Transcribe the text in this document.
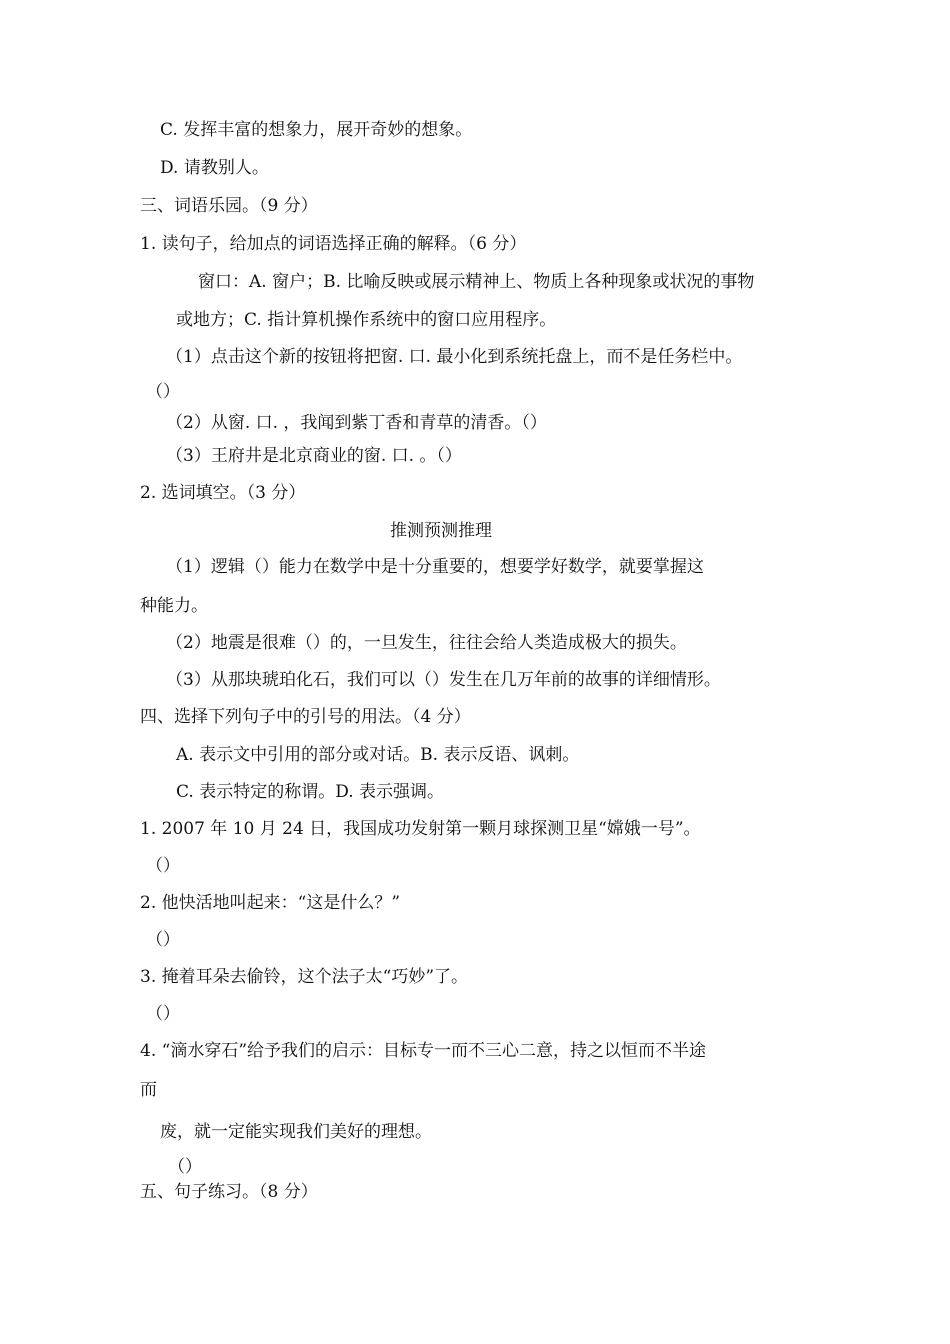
C. 发挥丰富的想象力，展开奇妙的想象。
D. 请教别人。
三、词语乐园。（9 分）
1. 读句子，给加点的词语选择正确的解释。（6 分）
窗口：A. 窗户；B. 比喻反映或展示精神上、物质上各种现象或状况的事物
或地方；C. 指计算机操作系统中的窗口应用程序。
（1）点击这个新的按钮将把窗. 口. 最小化到系统托盘上，而不是任务栏中。
（）
（2）从窗. 口. ，我闻到紫丁香和青草的清香。（）
（3）王府井是北京商业的窗. 口. 。（）
2. 选词填空。（3 分）
推测预测推理
（1）逻辑（）能力在数学中是十分重要的，想要学好数学，就要掌握这
种能力。
（2）地震是很难（）的，一旦发生，往往会给人类造成极大的损失。
（3）从那块琥珀化石，我们可以（）发生在几万年前的故事的详细情形。
四、选择下列句子中的引号的用法。（4 分）
A. 表示文中引用的部分或对话。B. 表示反语、讽刺。
C. 表示特定的称谓。D. 表示强调。
1. 2007 年 10 月 24 日，我国成功发射第一颗月球探测卫星“嫦娥一号”。
（）
2. 他快活地叫起来：“这是什么？”
（）
3. 掩着耳朵去偷铃，这个法子太“巧妙”了。
（）
4. “滴水穿石”给予我们的启示：目标专一而不三心二意，持之以恒而不半途
而
废，就一定能实现我们美好的理想。
（）
五、句子练习。（8 分）
